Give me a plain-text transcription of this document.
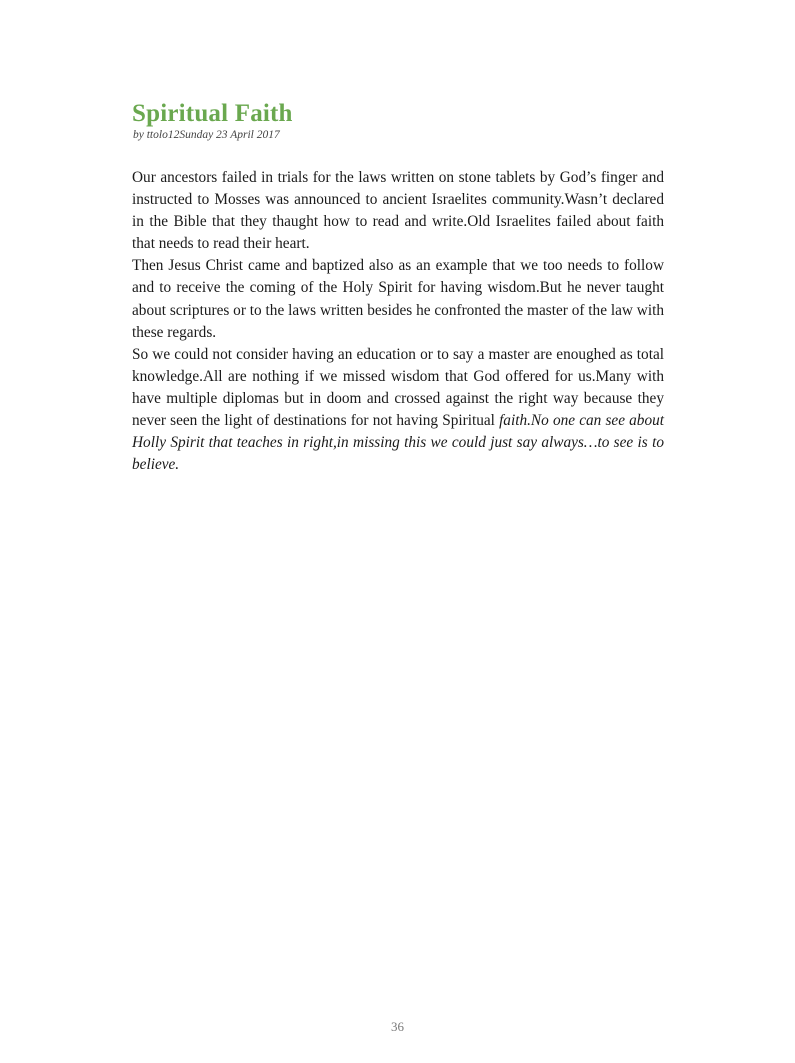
Spiritual Faith
by ttolo12Sunday 23 April 2017

Our ancestors failed in trials for the laws written on stone tablets by God’s finger and instructed to Mosses was announced to ancient Israelites community.Wasn’t declared in the Bible that they thaught how to read and write.Old Israelites failed about faith that needs to read their heart.

Then Jesus Christ came and baptized also as an example that we too needs to follow and to receive the coming of the Holy Spirit for having wisdom.But he never taught about scriptures or to the laws written besides he confronted the master of the law with these regards.

So we could not consider having an education or to say a master are enoughed as total knowledge.All are nothing if we missed wisdom that God offered for us.Many with have multiple diplomas but in doom and crossed against the right way because they never seen the light of destinations for not having Spiritual faith.No one can see about Holly Spirit that teaches in right,in missing this we could just say always…to see is to believe.

36
